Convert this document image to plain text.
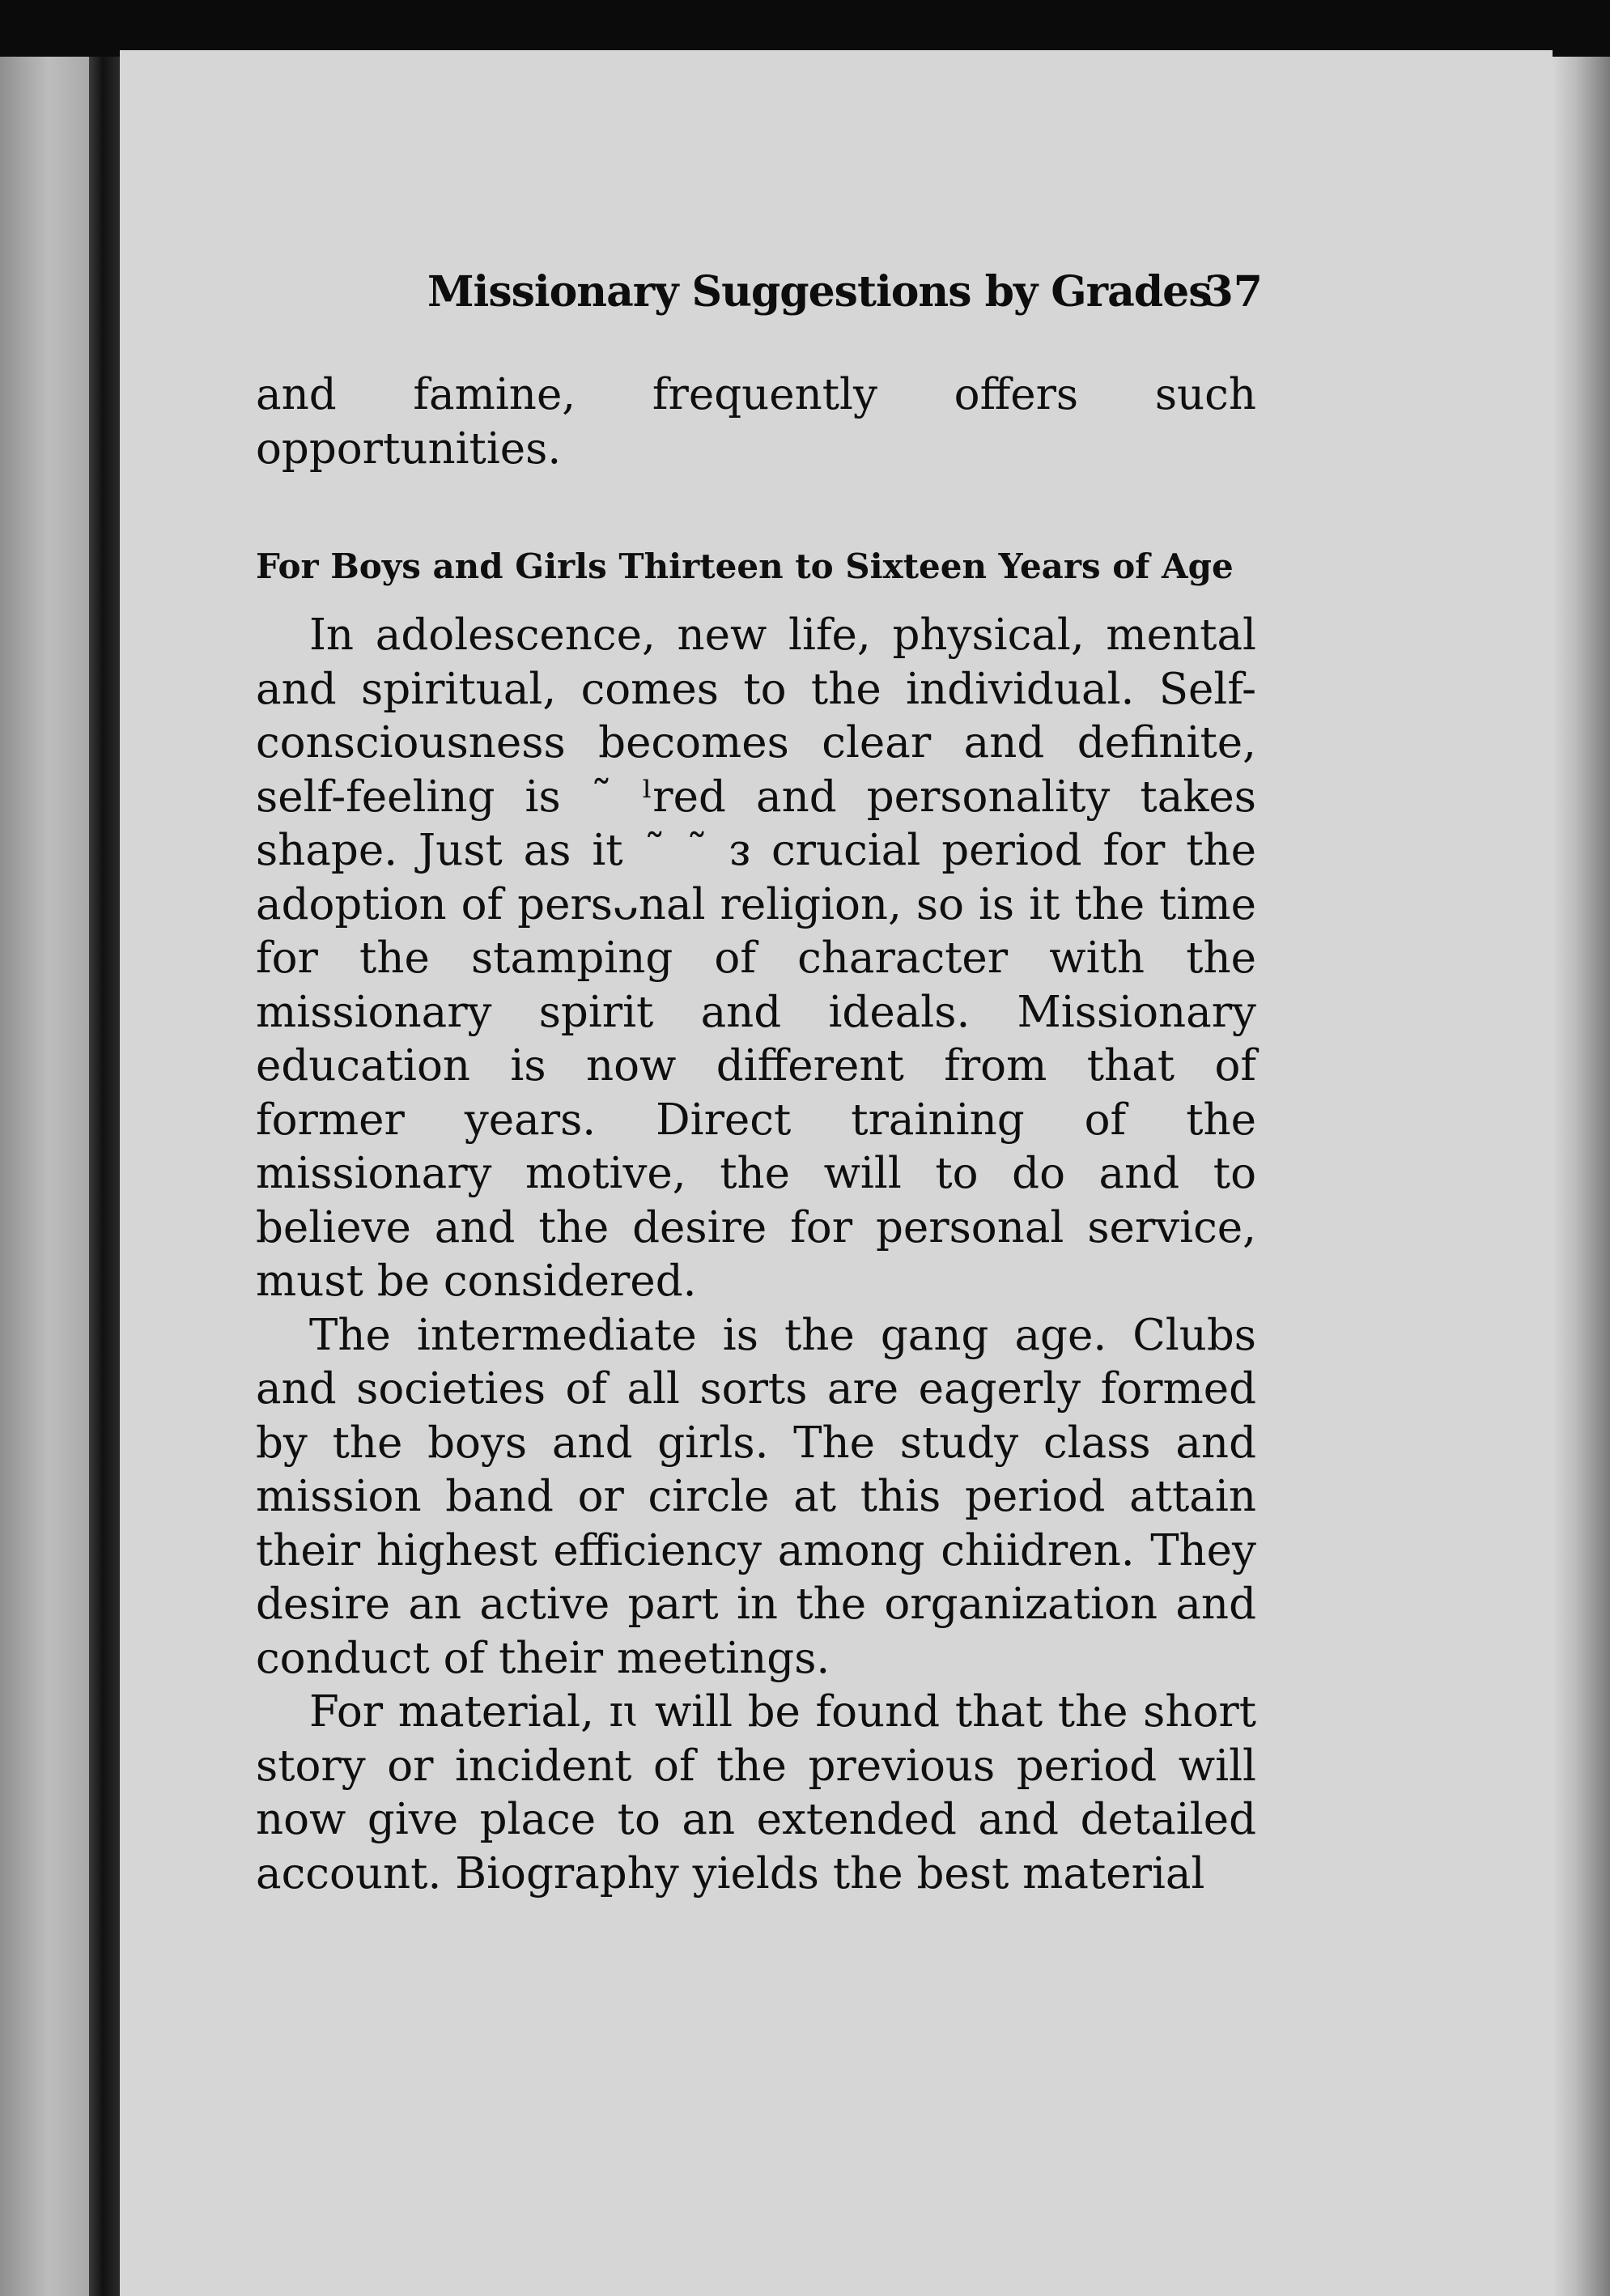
Missionary Suggestions by Grades
37

and famine, frequently offers such opportunities.

For Boys and Girls Thirteen to Sixteen Years of Age

In adolescence, new life, physical, mental and spiritual, comes to the individual. Self-consciousness becomes clear and definite, self-feeling is ˜ ˡred and personality takes shape. Just as it ˜ ˜ ᴈ crucial period for the adoption of persᴗnal religion, so is it the time for the stamping of character with the missionary spirit and ideals. Missionary education is now different from that of former years. Direct training of the missionary motive, the will to do and to believe and the desire for personal service, must be considered.

The intermediate is the gang age. Clubs and societies of all sorts are eagerly formed by the boys and girls. The study class and mission band or circle at this period attain their highest efficiency among chiidren. They desire an active part in the organization and conduct of their meetings.

For material, ɪɩ will be found that the short story or incident of the previous period will now give place to an extended and detailed account. Biography yields the best material
